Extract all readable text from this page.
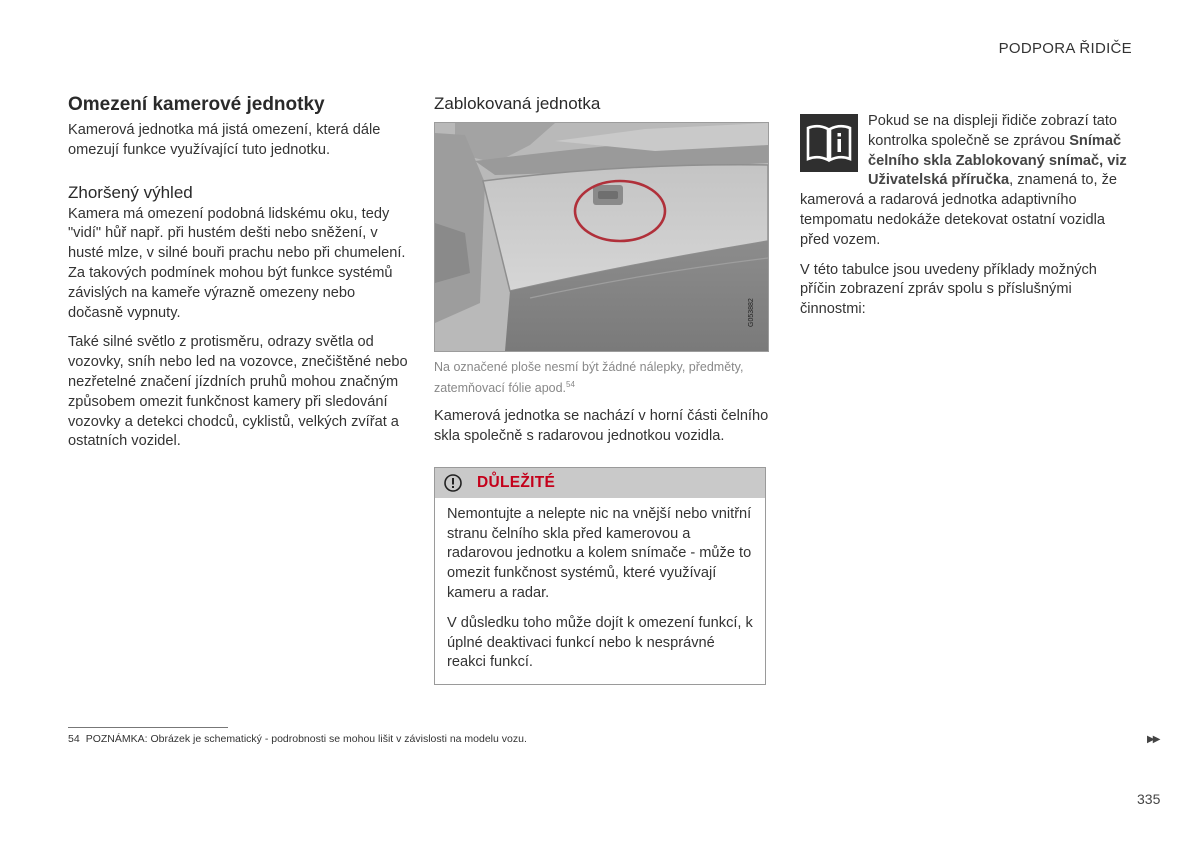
PODPORA ŘIDIČE
Omezení kamerové jednotky

Kamerová jednotka má jistá omezení, která dále omezují funkce využívající tuto jednotku.

Zhoršený výhled

Kamera má omezení podobná lidskému oku, tedy "vidí" hůř např. při hustém dešti nebo sněžení, v husté mlze, v silné bouři prachu nebo při chumelení. Za takových podmínek mohou být funkce systémů závislých na kameře výrazně omezeny nebo dočasně vypnuty.

Také silné světlo z protisměru, odrazy světla od vozovky, sníh nebo led na vozovce, znečištěné nebo nezřetelné značení jízdních pruhů mohou značným způsobem omezit funkčnost kamery při sledování vozovky a detekci chodců, cyklistů, velkých zvířat a ostatních vozidel.

Zablokovaná jednotka
G053882
Na označené ploše nesmí být žádné nálepky, předměty, zatemňovací fólie apod.$^{54}$

Kamerová jednotka se nachází v horní části čelního skla společně s radarovou jednotkou vozidla.

DŮLEŽITÉ

Nemontujte a nelepte nic na vnější nebo vnitřní stranu čelního skla před kamerovou a radarovou jednotku a kolem snímače - může to omezit funkčnost systémů, které využívají kameru a radar.

V důsledku toho může dojít k omezení funkcí, k úplné deaktivaci funkcí nebo k nesprávné reakci funkcí.

Pokud se na displeji řidiče zobrazí tato kontrolka společně se zprávou Snímač čelního skla Zablokovaný snímač, viz Uživatelská příručka, znamená to, že kamerová a radarová jednotka adaptivního tempomatu nedokáže detekovat ostatní vozidla před vozem.

V této tabulce jsou uvedeny příklady možných příčin zobrazení zpráv spolu s příslušnými činnostmi:

54 POZNÁMKA: Obrázek je schematický - podrobnosti se mohou lišit v závislosti na modelu vozu.	▶▶
335
